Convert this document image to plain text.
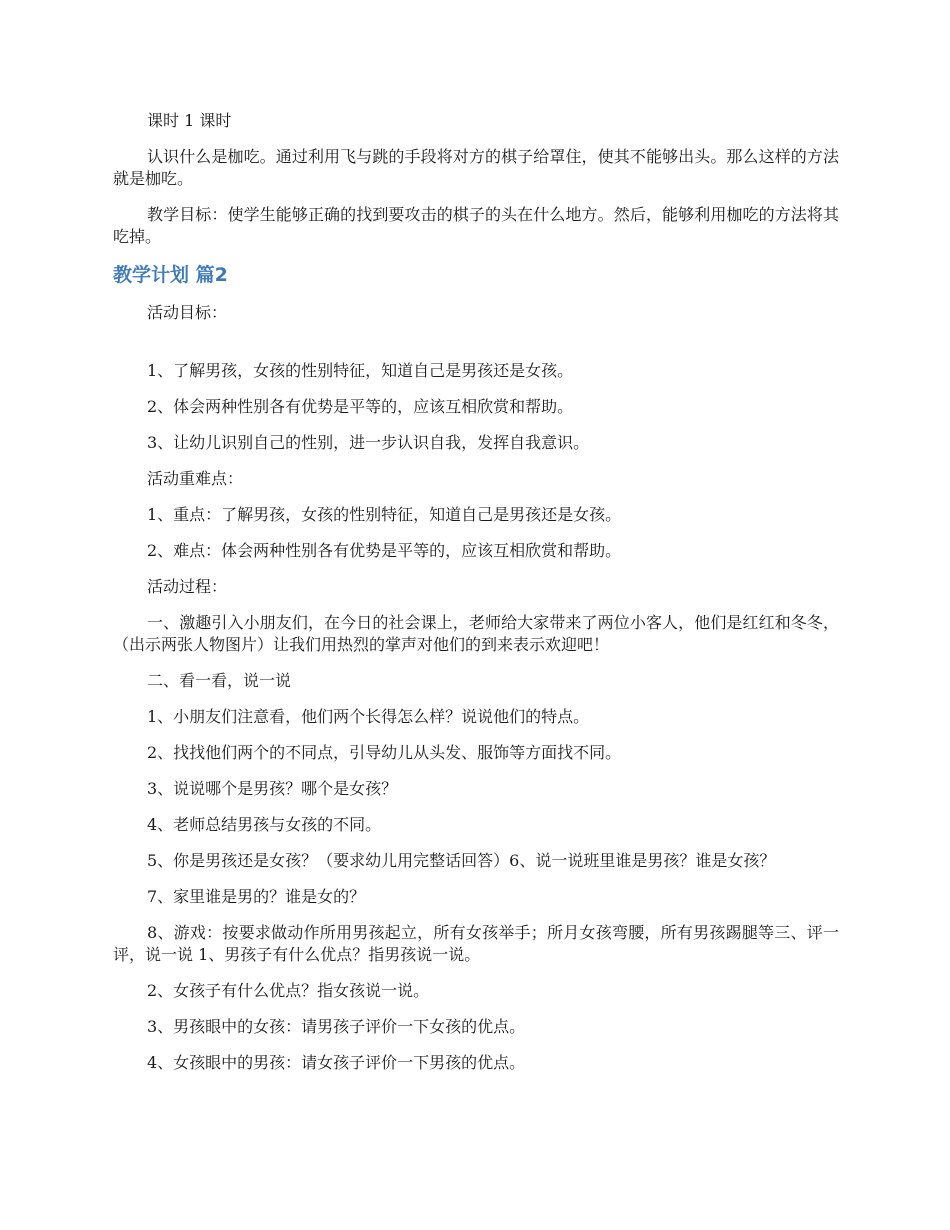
课时 1 课时

认识什么是枷吃。通过利用飞与跳的手段将对方的棋子给罩住，使其不能够出头。那么这样的方法就是枷吃。

教学目标：使学生能够正确的找到要攻击的棋子的头在什么地方。然后，能够利用枷吃的方法将其吃掉。

教学计划 篇2

活动目标：

1、了解男孩，女孩的性别特征，知道自己是男孩还是女孩。

2、体会两种性别各有优势是平等的，应该互相欣赏和帮助。

3、让幼儿识别自己的性别，进一步认识自我，发挥自我意识。

活动重难点：

1、重点：了解男孩，女孩的性别特征，知道自己是男孩还是女孩。

2、难点：体会两种性别各有优势是平等的，应该互相欣赏和帮助。

活动过程：

一、激趣引入小朋友们，在今日的社会课上，老师给大家带来了两位小客人，他们是红红和冬冬，（出示两张人物图片）让我们用热烈的掌声对他们的到来表示欢迎吧！

二、看一看，说一说

1、小朋友们注意看，他们两个长得怎么样？说说他们的特点。

2、找找他们两个的不同点，引导幼儿从头发、服饰等方面找不同。

3、说说哪个是男孩？哪个是女孩？

4、老师总结男孩与女孩的不同。

5、你是男孩还是女孩？（要求幼儿用完整话回答）6、说一说班里谁是男孩？谁是女孩？

7、家里谁是男的？谁是女的？

8、游戏：按要求做动作所用男孩起立，所有女孩举手；所月女孩弯腰，所有男孩踢腿等三、评一评，说一说 1、男孩子有什么优点？指男孩说一说。

2、女孩子有什么优点？指女孩说一说。

3、男孩眼中的女孩：请男孩子评价一下女孩的优点。

4、女孩眼中的男孩：请女孩子评价一下男孩的优点。
